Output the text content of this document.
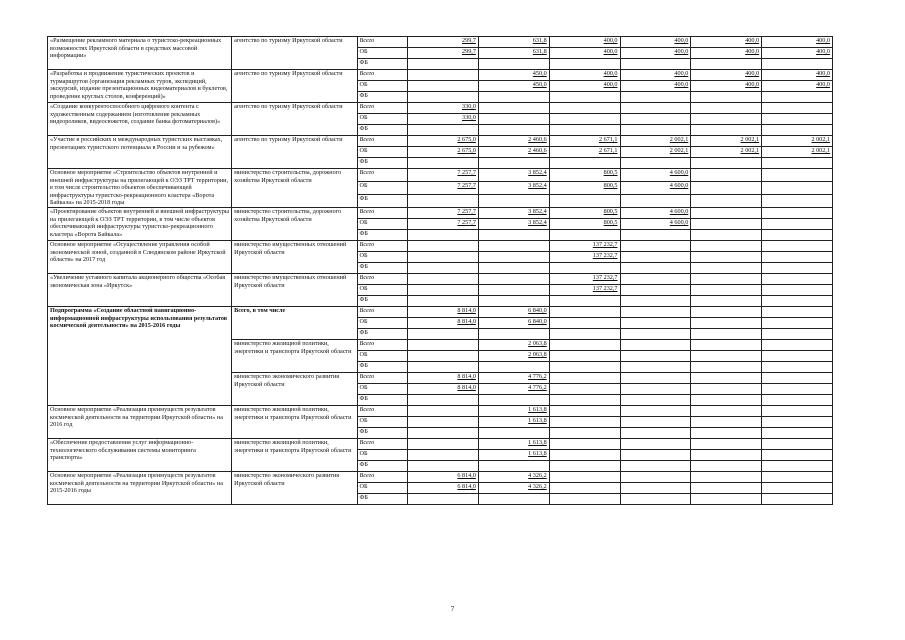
«Размещение рекламного материала о туристско-рекреационных возможностях Иркутской области в средствах массовой информации»	агентство по туризму Иркутской области	Всего	299,7	631,8	400,0	400,0	400,0	400,0
		ОБ	299,7	631,8	400,0	400,0	400,0	400,0
		ФБ						
«Разработка и продвижение туристических проектов и турмаршрутов (организация рекламных туров, экспедиций, экскурсий, издание презентационных видеоматериалов и буклетов, проведение круглых столов, конференций)»	агентство по туризму Иркутской области	Всего		450,0	400,0	400,0	400,0	400,0
		ОБ		450,0	400,0	400,0	400,0	400,0
		ФБ						
«Создание конкурентоспособного цифрового контента с художественным содержанием (изготовление рекламных видеороликов, видеосюжетов, создание банка фотоматериалов)»	агентство по туризму Иркутской области	Всего	330,0					
		ОБ	330,0					
		ФБ						
«Участие в российских и международных туристских выставках, презентациях туристского потенциала в России и за рубежом»	агентство по туризму Иркутской области	Всего	2 675,0	2 460,6	2 671,1	2 002,1	2 002,1	2 002,1
		ОБ	2 675,0	2 460,6	2 671,1	2 002,1	2 002,1	2 002,1
		ФБ						
Основное мероприятие «Строительство объектов внутренней и внешней инфраструктуры на прилегающей к ОЭЗ ТРТ территории, в том числе строительство объектов обеспечивающей инфраструктуры туристско-рекреационного кластера «Ворота Байкала» на 2015-2018 годы	министерство строительства, дорожного хозяйства Иркутской области	Всего	7 257,7	3 852,4	800,5	4 600,0		
		ОБ	7 257,7	3 852,4	800,5	4 600,0		
		ФБ						
«Проектирование объектов внутренней и внешней инфраструктуры на прилегающей к ОЭЗ ТРТ территории, в том числе объектов обеспечивающей инфраструктуры туристско-рекреационного кластера «Ворота Байкала»	министерство строительства, дорожного хозяйства Иркутской области	Всего	7 257,7	3 852,4	800,5	4 600,0		
		ОБ	7 257,7	3 852,4	800,5	4 600,0		
		ФБ						
Основное мероприятие «Осуществление управления особой экономической зоной, созданной в Слюдянском районе Иркутской области» на 2017 год	министерство имущественных отношений Иркутской области	Всего			137 232,7			
		ОБ			137 232,7			
		ФБ						
«Увеличение уставного капитала акционерного общества «Особая экономическая зона «Иркутск»	министерство имущественных отношений Иркутской области	Всего			137 232,7			
		ОБ			137 232,7			
		ФБ						
Подпрограмма «Создание областной навигационно-информационной инфраструктуры использования результатов космической деятельности» на 2015-2016 годы	Всего, в том числе	Всего	8 814,0	6 840,0				
		ОБ	8 814,0	6 840,0				
		ФБ						
	министерство жилищной политики, энергетики и транспорта Иркутской области	Всего		2 063,8				
		ОБ		2 063,8				
		ФБ						
	министерство экономического развития Иркутской области	Всего	8 814,0	4 776,2				
		ОБ	8 814,0	4 776,2				
		ФБ						
Основное мероприятие «Реализация преимуществ результатов космической деятельности на территории Иркутской области» на 2016 год	министерство жилищной политики, энергетики и транспорта Иркутской области	Всего		1 613,8				
		ОБ		1 613,8				
		ФБ						
«Обеспечение предоставления услуг информационно-технологического обслуживания системы мониторинга транспорта»	министерство жилищной политики, энергетики и транспорта Иркутской области	Всего		1 613,8				
		ОБ		1 613,8				
		ФБ						
Основное мероприятие «Реализация преимуществ результатов космической деятельности на территории Иркутской области» на 2015-2016 годы	министерство экономического развития Иркутской области	Всего	6 814,0	4 326,2				
		ОБ	6 814,0	4 326,2				
		ФБ						
7
